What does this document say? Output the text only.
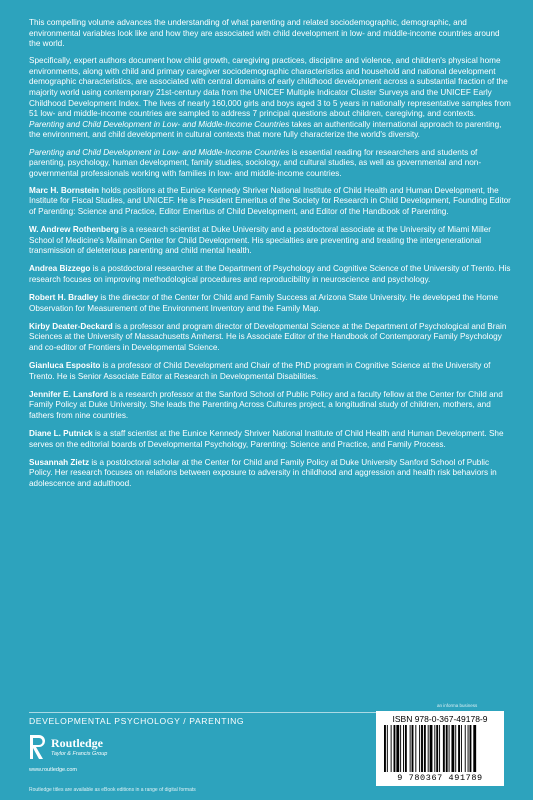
This compelling volume advances the understanding of what parenting and related sociodemographic, demographic, and environmental variables look like and how they are associated with child development in low- and middle-income countries around the world.

Specifically, expert authors document how child growth, caregiving practices, discipline and violence, and children's physical home environments, along with child and primary caregiver sociodemographic characteristics and household and national development demographic characteristics, are associated with central domains of early childhood development across a substantial fraction of the majority world using contemporary 21st-century data from the UNICEF Multiple Indicator Cluster Surveys and the UNICEF Early Childhood Development Index. The lives of nearly 160,000 girls and boys aged 3 to 5 years in nationally representative samples from 51 low- and middle-income countries are sampled to address 7 principal questions about children, caregiving, and contexts. Parenting and Child Development in Low- and Middle-Income Countries takes an authentically international approach to parenting, the environment, and child development in cultural contexts that more fully characterize the world's diversity.

Parenting and Child Development in Low- and Middle-Income Countries is essential reading for researchers and students of parenting, psychology, human development, family studies, sociology, and cultural studies, as well as governmental and non-governmental professionals working with families in low- and middle-income countries.

Marc H. Bornstein holds positions at the Eunice Kennedy Shriver National Institute of Child Health and Human Development, the Institute for Fiscal Studies, and UNICEF. He is President Emeritus of the Society for Research in Child Development, Founding Editor of Parenting: Science and Practice, Editor Emeritus of Child Development, and Editor of the Handbook of Parenting.

W. Andrew Rothenberg is a research scientist at Duke University and a postdoctoral associate at the University of Miami Miller School of Medicine's Mailman Center for Child Development. His specialties are preventing and treating the intergenerational transmission of deleterious parenting and child mental health.

Andrea Bizzego is a postdoctoral researcher at the Department of Psychology and Cognitive Science of the University of Trento. His research focuses on improving methodological procedures and reproducibility in neuroscience and psychology.

Robert H. Bradley is the director of the Center for Child and Family Success at Arizona State University. He developed the Home Observation for Measurement of the Environment Inventory and the Family Map.

Kirby Deater-Deckard is a professor and program director of Developmental Science at the Department of Psychological and Brain Sciences at the University of Massachusetts Amherst. He is Associate Editor of the Handbook of Contemporary Family Psychology and co-editor of Frontiers in Developmental Science.

Gianluca Esposito is a professor of Child Development and Chair of the PhD program in Cognitive Science at the University of Trento. He is Senior Associate Editor at Research in Developmental Disabilities.

Jennifer E. Lansford is a research professor at the Sanford School of Public Policy and a faculty fellow at the Center for Child and Family Policy at Duke University. She leads the Parenting Across Cultures project, a longitudinal study of children, mothers, and fathers from nine countries.

Diane L. Putnick is a staff scientist at the Eunice Kennedy Shriver National Institute of Child Health and Human Development. She serves on the editorial boards of Developmental Psychology, Parenting: Science and Practice, and Family Process.

Susannah Zietz is a postdoctoral scholar at the Center for Child and Family Policy at Duke University Sanford School of Public Policy. Her research focuses on relations between exposure to adversity in childhood and aggression and health risk behaviors in adolescence and adulthood.

DEVELOPMENTAL PSYCHOLOGY / PARENTING
Routledge
Taylor & Francis Group
www.routledge.com
Routledge titles are available as eBook editions in a range of digital formats
an informa business
ISBN 978-0-367-49178-9
9 780367 491789
